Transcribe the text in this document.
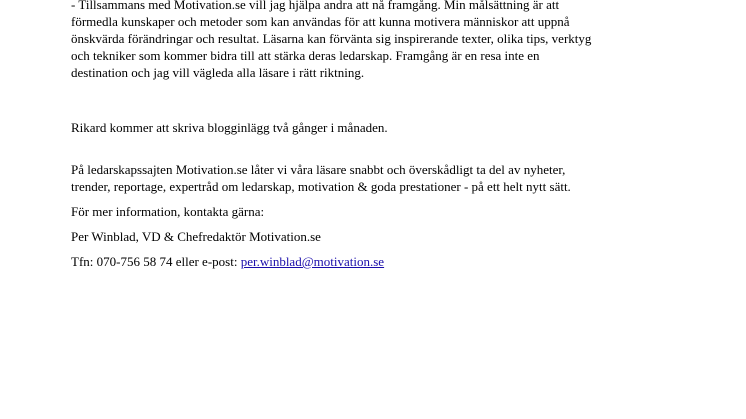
- Tillsammans med Motivation.se vill jag hjälpa andra att nå framgång. Min målsättning är att
förmedla kunskaper och metoder som kan användas för att kunna motivera människor att uppnå
önskvärda förändringar och resultat. Läsarna kan förvänta sig inspirerande texter, olika tips, verktyg
och tekniker som kommer bidra till att stärka deras ledarskap. Framgång är en resa inte en
destination och jag vill vägleda alla läsare i rätt riktning.
Rikard kommer att skriva blogginlägg två gånger i månaden.
På ledarskapssajten Motivation.se låter vi våra läsare snabbt och överskådligt ta del av nyheter,
trender, reportage, expertråd om ledarskap, motivation & goda prestationer - på ett helt nytt sätt.
För mer information, kontakta gärna:
Per Winblad, VD & Chefredaktör Motivation.se
Tfn: 070-756 58 74 eller e-post: per.winblad@motivation.se
